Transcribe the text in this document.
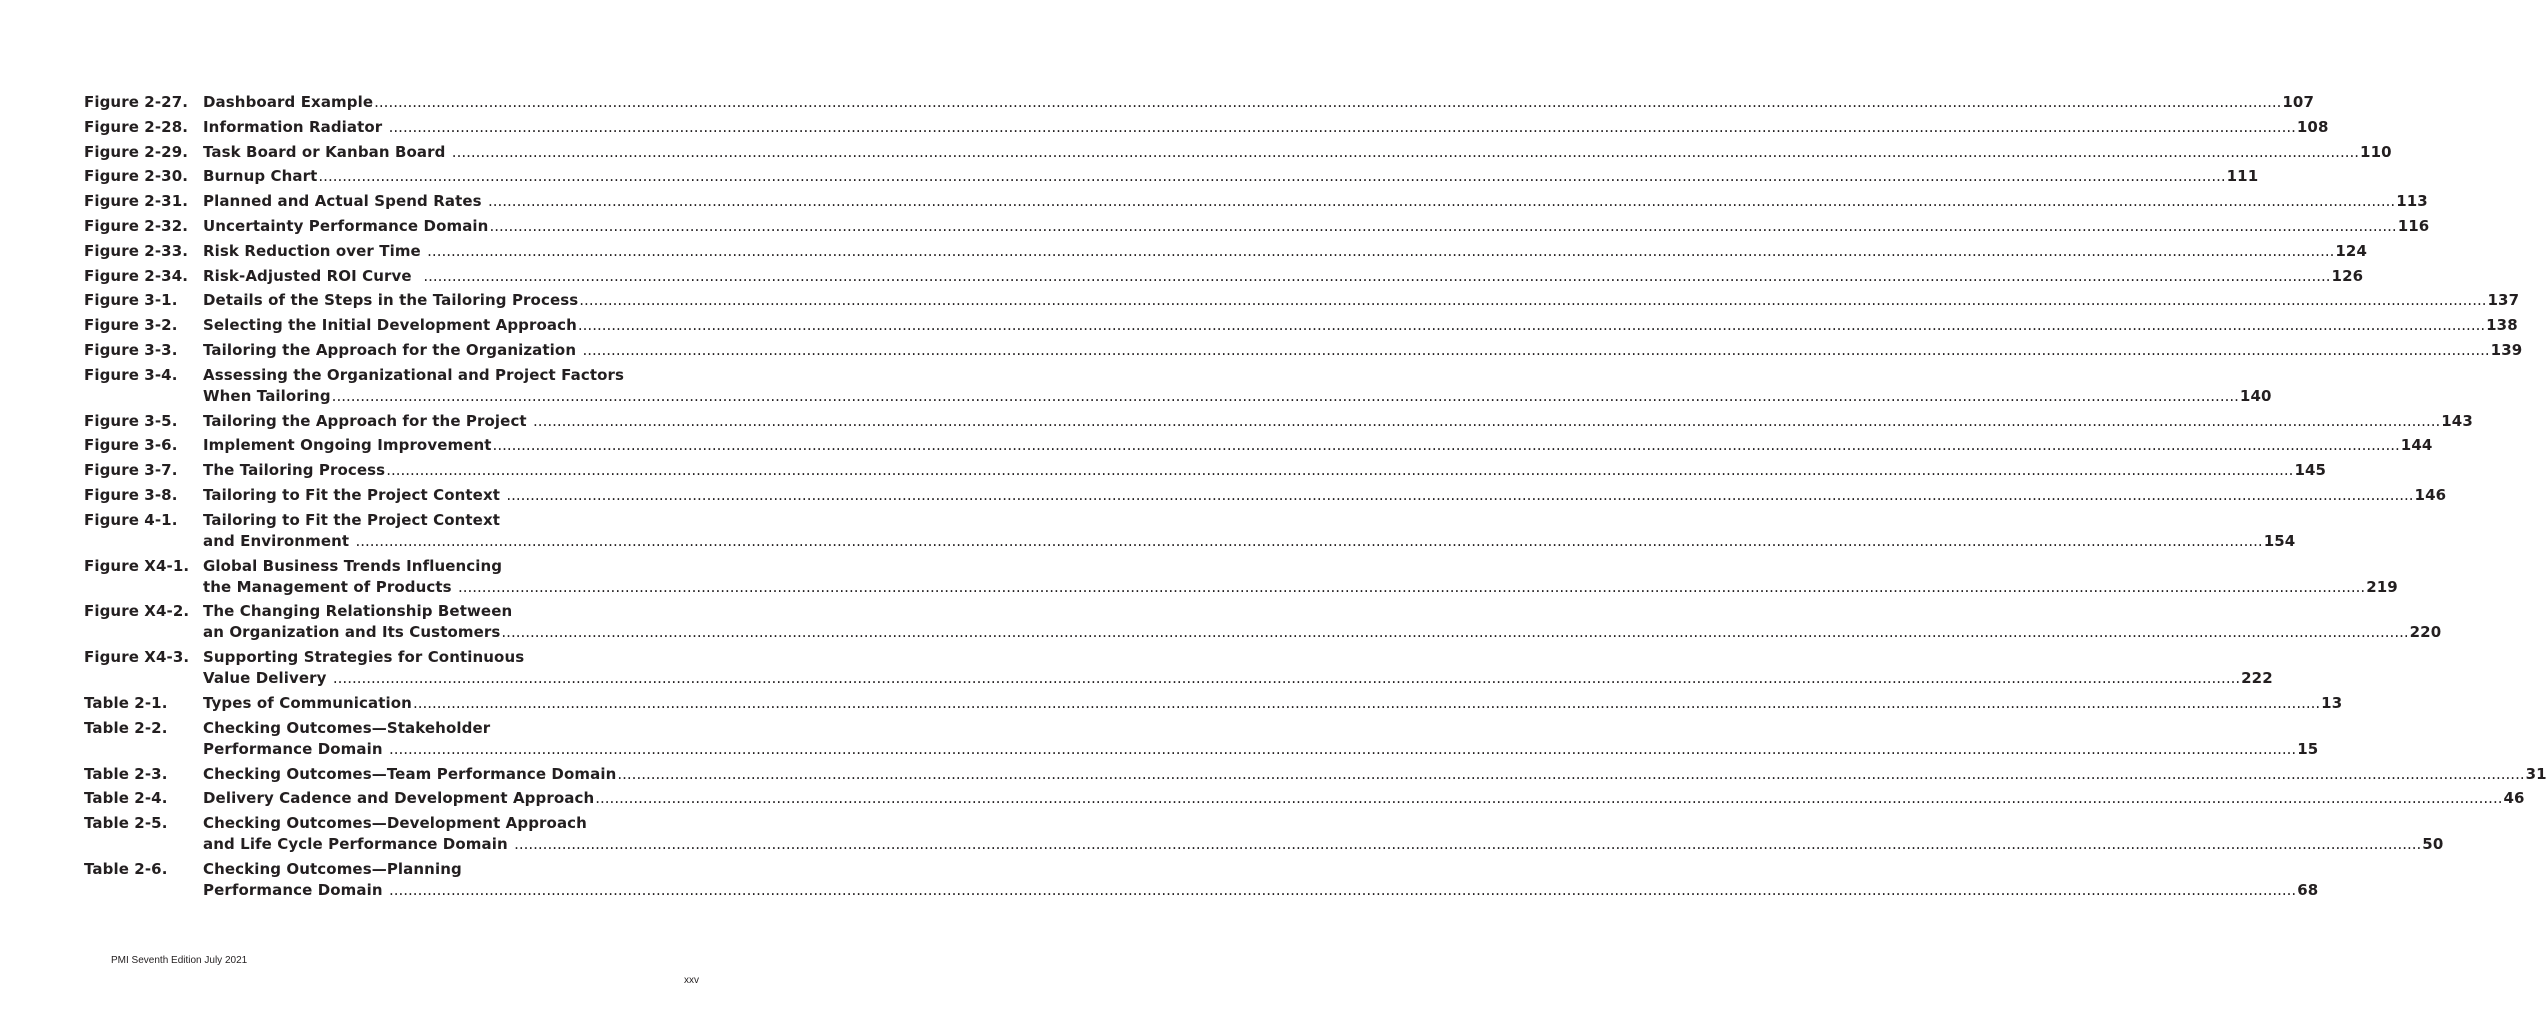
Figure 2-27. Dashboard Example ................................................................................................................................................................................................................................................................................................................................................................................................................ 107
Figure 2-28. Information Radiator ................................................................................................................................................................................................................................................................................................................................................................................................................ 108
Figure 2-29. Task Board or Kanban Board ................................................................................................................................................................................................................................................................................................................................................................................................................ 110
Figure 2-30. Burnup Chart ................................................................................................................................................................................................................................................................................................................................................................................................................ 111
Figure 2-31. Planned and Actual Spend Rates ................................................................................................................................................................................................................................................................................................................................................................................................................ 113
Figure 2-32. Uncertainty Performance Domain ................................................................................................................................................................................................................................................................................................................................................................................................................ 116
Figure 2-33. Risk Reduction over Time ................................................................................................................................................................................................................................................................................................................................................................................................................ 124
Figure 2-34. Risk-Adjusted ROI Curve ................................................................................................................................................................................................................................................................................................................................................................................................................ 126
Figure 3-1.	Details of the Steps in the Tailoring Process ................................................................................................................................................................................................................................................................................................................................................................................................................ 137
Figure 3-2.	Selecting the Initial Development Approach ................................................................................................................................................................................................................................................................................................................................................................................................................ 138
Figure 3-3.	Tailoring the Approach for the Organization ................................................................................................................................................................................................................................................................................................................................................................................................................ 139
Figure 3-4.	Assessing the Organizational and Project Factors
When Tailoring ................................................................................................................................................................................................................................................................................................................................................................................................................ 140
Figure 3-5.	Tailoring the Approach for the Project ................................................................................................................................................................................................................................................................................................................................................................................................................ 143
Figure 3-6.	Implement Ongoing Improvement ................................................................................................................................................................................................................................................................................................................................................................................................................ 144
Figure 3-7.	The Tailoring Process ................................................................................................................................................................................................................................................................................................................................................................................................................ 145
Figure 3-8.	Tailoring to Fit the Project Context ................................................................................................................................................................................................................................................................................................................................................................................................................ 146
Figure 4-1.	Tailoring to Fit the Project Context
and Environment ................................................................................................................................................................................................................................................................................................................................................................................................................ 154
Figure X4-1. Global Business Trends Influencing
the Management of Products ................................................................................................................................................................................................................................................................................................................................................................................................................ 219
Figure X4-2. The Changing Relationship Between
an Organization and Its Customers ................................................................................................................................................................................................................................................................................................................................................................................................................ 220
Figure X4-3. Supporting Strategies for Continuous
Value Delivery ................................................................................................................................................................................................................................................................................................................................................................................................................ 222
Table 2-1.	Types of Communication ................................................................................................................................................................................................................................................................................................................................................................................................................ 13
Table 2-2.	Checking Outcomes—Stakeholder
Performance Domain ................................................................................................................................................................................................................................................................................................................................................................................................................ 15
Table 2-3.	Checking Outcomes—Team Performance Domain ................................................................................................................................................................................................................................................................................................................................................................................................................ 31
Table 2-4.	Delivery Cadence and Development Approach ................................................................................................................................................................................................................................................................................................................................................................................................................ 46
Table 2-5.	Checking Outcomes—Development Approach
and Life Cycle Performance Domain ................................................................................................................................................................................................................................................................................................................................................................................................................ 50
Table 2-6.	Checking Outcomes—Planning
Performance Domain ................................................................................................................................................................................................................................................................................................................................................................................................................ 68
PMI Seventh Edition July 2021
xxv
